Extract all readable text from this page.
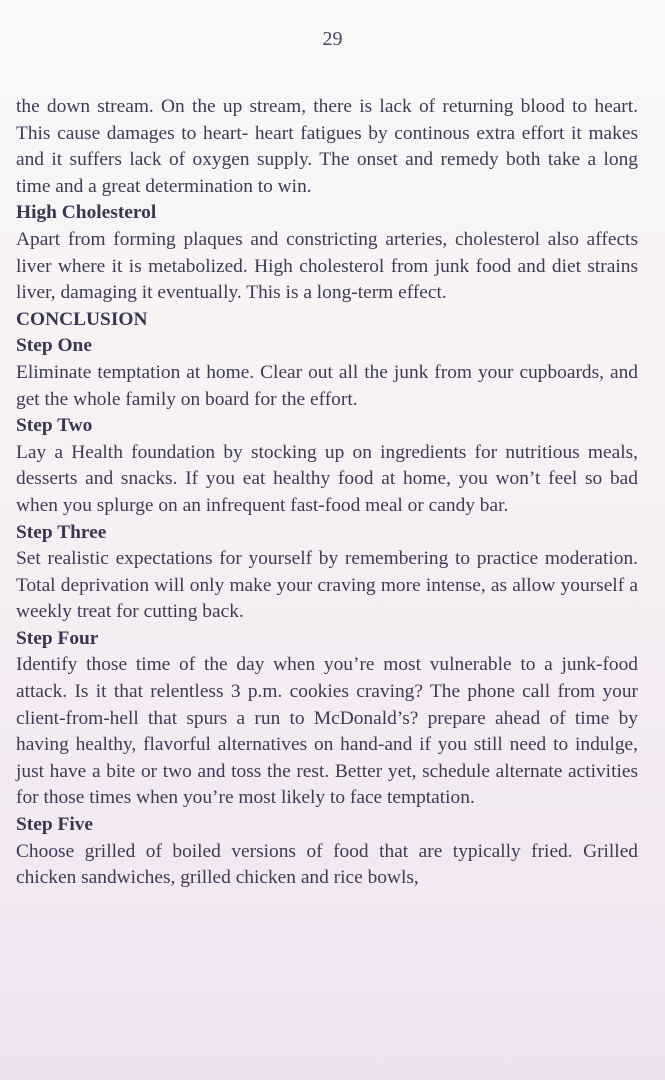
29

the down stream. On the up stream, there is lack of returning blood to heart. This cause damages to heart- heart fatigues by continous extra effort it makes and it suffers lack of oxygen supply. The onset and remedy both take a long time and a great determination to win.

High Cholesterol

Apart from forming plaques and constricting arteries, cholesterol also affects liver where it is metabolized. High cholesterol from junk food and diet strains liver, damaging it eventually. This is a long-term effect.

CONCLUSION
Step One

Eliminate temptation at home. Clear out all the junk from your cupboards, and get the whole family on board for the effort.

Step Two

Lay a Health foundation by stocking up on ingredients for nutritious meals, desserts and snacks. If you eat healthy food at home, you won’t feel so bad when you splurge on an infrequent fast-food meal or candy bar.

Step Three

Set realistic expectations for yourself by remembering to practice moderation. Total deprivation will only make your craving more intense, as allow yourself a weekly treat for cutting back.

Step Four

Identify those time of the day when you’re most vulnerable to a junk-food attack. Is it that relentless 3 p.m. cookies craving? The phone call from your client-from-hell that spurs a run to McDonald’s? prepare ahead of time by having healthy, flavorful alternatives on hand-and if you still need to indulge, just have a bite or two and toss the rest. Better yet, schedule alternate activities for those times when you’re most likely to face temptation.

Step Five

Choose grilled of boiled versions of food that are typically fried. Grilled chicken sandwiches, grilled chicken and rice bowls,
